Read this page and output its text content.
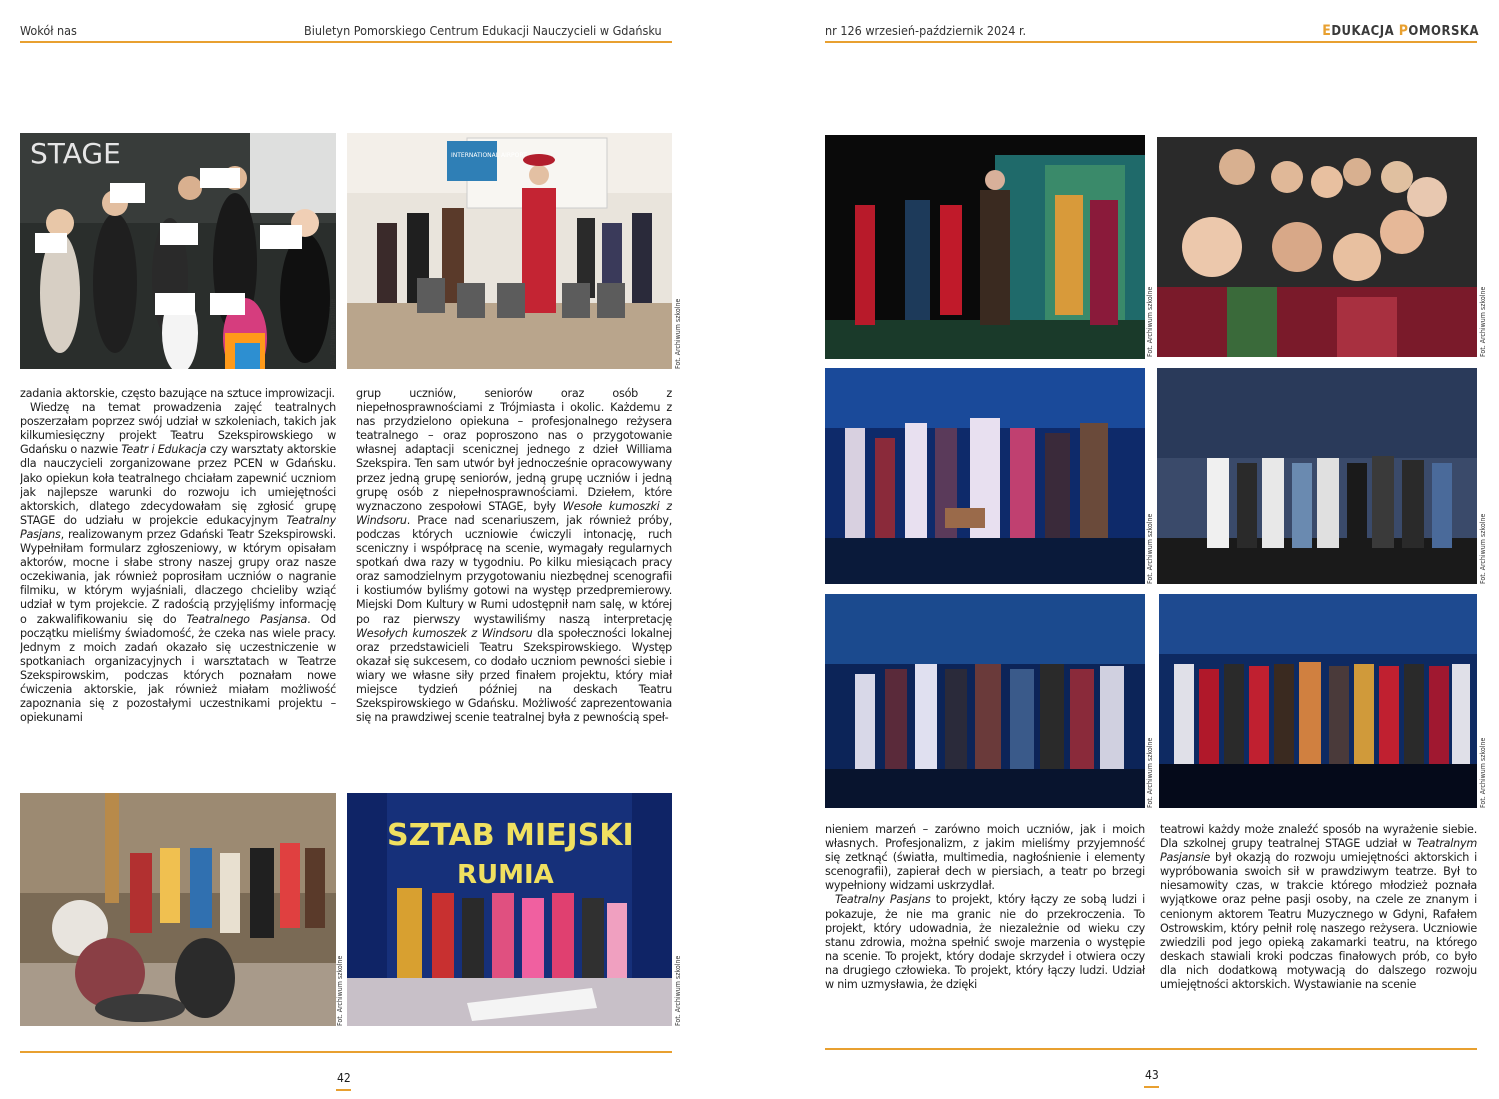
Wokół nas	Biuletyn Pomorskiego Centrum Edukacji Nauczycieli w Gdańsku	nr 126 wrzesień-październik 2024 r.	EDUKACJA POMORSKA
STAGE	INTERNATIONAL AIRPORT
Fot. Archiwum szkolne	Fot. Archiwum szkolne
SZTAB MIEJSKI
RUMIA
Fot. Archiwum szkolne	Fot. Archiwum szkolne

zadania aktorskie, często bazujące na sztuce improwizacji.

Wiedzę na temat prowadzenia zajęć teatralnych poszerzałam poprzez swój udział w szkoleniach, takich jak kilkumiesięczny projekt Teatru Szekspirowskiego w Gdańsku o nazwie Teatr i Edukacja czy warsztaty aktorskie dla nauczycieli zorganizowane przez PCEN w Gdańsku. Jako opiekun koła teatralnego chciałam zapewnić uczniom jak najlepsze warunki do rozwoju ich umiejętności aktorskich, dlatego zdecydowałam się zgłosić grupę STAGE do udziału w projekcie edukacyjnym Teatralny Pasjans, realizowanym przez Gdański Teatr Szekspirowski. Wypełniłam formularz zgłoszeniowy, w którym opisałam aktorów, mocne i słabe strony naszej grupy oraz nasze oczekiwania, jak również poprosiłam uczniów o nagranie filmiku, w którym wyjaśniali, dlaczego chcieliby wziąć udział w tym projekcie. Z radością przyjęliśmy informację o zakwalifikowaniu się do Teatralnego Pasjansa. Od początku mieliśmy świadomość, że czeka nas wiele pracy. Jednym z moich zadań okazało się uczestniczenie w spotkaniach organizacyjnych i warsztatach w Teatrze Szekspirowskim, podczas których poznałam nowe ćwiczenia aktorskie, jak również miałam możliwość zapoznania się z pozostałymi uczestnikami projektu – opiekunami

grup uczniów, seniorów oraz osób z niepełnosprawnościami z Trójmiasta i okolic. Każdemu z nas przydzielono opiekuna – profesjonalnego reżysera teatralnego – oraz poproszono nas o przygotowanie własnej adaptacji scenicznej jednego z dzieł Williama Szekspira. Ten sam utwór był jednocześnie opracowywany przez jedną grupę seniorów, jedną grupę uczniów i jedną grupę osób z niepełnosprawnościami. Dziełem, które wyznaczono zespołowi STAGE, były Wesołe kumoszki z Windsoru. Prace nad scenariuszem, jak również próby, podczas których uczniowie ćwiczyli intonację, ruch sceniczny i współpracę na scenie, wymagały regularnych spotkań dwa razy w tygodniu. Po kilku miesiącach pracy oraz samodzielnym przygotowaniu niezbędnej scenografii i kostiumów byliśmy gotowi na występ przedpremierowy. Miejski Dom Kultury w Rumi udostępnił nam salę, w której po raz pierwszy wystawiliśmy naszą interpretację Wesołych kumoszek z Windsoru dla społeczności lokalnej oraz przedstawicieli Teatru Szekspirowskiego. Występ okazał się sukcesem, co dodało uczniom pewności siebie i wiary we własne siły przed finałem projektu, który miał miejsce tydzień później na deskach Teatru Szekspirowskiego w Gdańsku. Możliwość zaprezentowania się na prawdziwej scenie teatralnej była z pewnością speł-

42
Fot. Archiwum szkolne	Fot. Archiwum szkolne
Fot. Archiwum szkolne	Fot. Archiwum szkolne
Fot. Archiwum szkolne	Fot. Archiwum szkolne

nieniem marzeń – zarówno moich uczniów, jak i moich własnych. Profesjonalizm, z jakim mieliśmy przyjemność się zetknąć (światła, multimedia, nagłośnienie i elementy scenografii), zapierał dech w piersiach, a teatr po brzegi wypełniony widzami uskrzydlał.

Teatralny Pasjans to projekt, który łączy ze sobą ludzi i pokazuje, że nie ma granic nie do przekroczenia. To projekt, który udowadnia, że niezależnie od wieku czy stanu zdrowia, można spełnić swoje marzenia o występie na scenie. To projekt, który dodaje skrzydeł i otwiera oczy na drugiego człowieka. To projekt, który łączy ludzi. Udział w nim uzmysławia, że dzięki

teatrowi każdy może znaleźć sposób na wyrażenie siebie. Dla szkolnej grupy teatralnej STAGE udział w Teatralnym Pasjansie był okazją do rozwoju umiejętności aktorskich i wypróbowania swoich sił w prawdziwym teatrze. Był to niesamowity czas, w trakcie którego młodzież poznała wyjątkowe oraz pełne pasji osoby, na czele ze znanym i cenionym aktorem Teatru Muzycznego w Gdyni, Rafałem Ostrowskim, który pełnił rolę naszego reżysera. Uczniowie zwiedzili pod jego opieką zakamarki teatru, na którego deskach stawiali kroki podczas finałowych prób, co było dla nich dodatkową motywacją do dalszego rozwoju umiejętności aktorskich. Wystawianie na scenie

43
